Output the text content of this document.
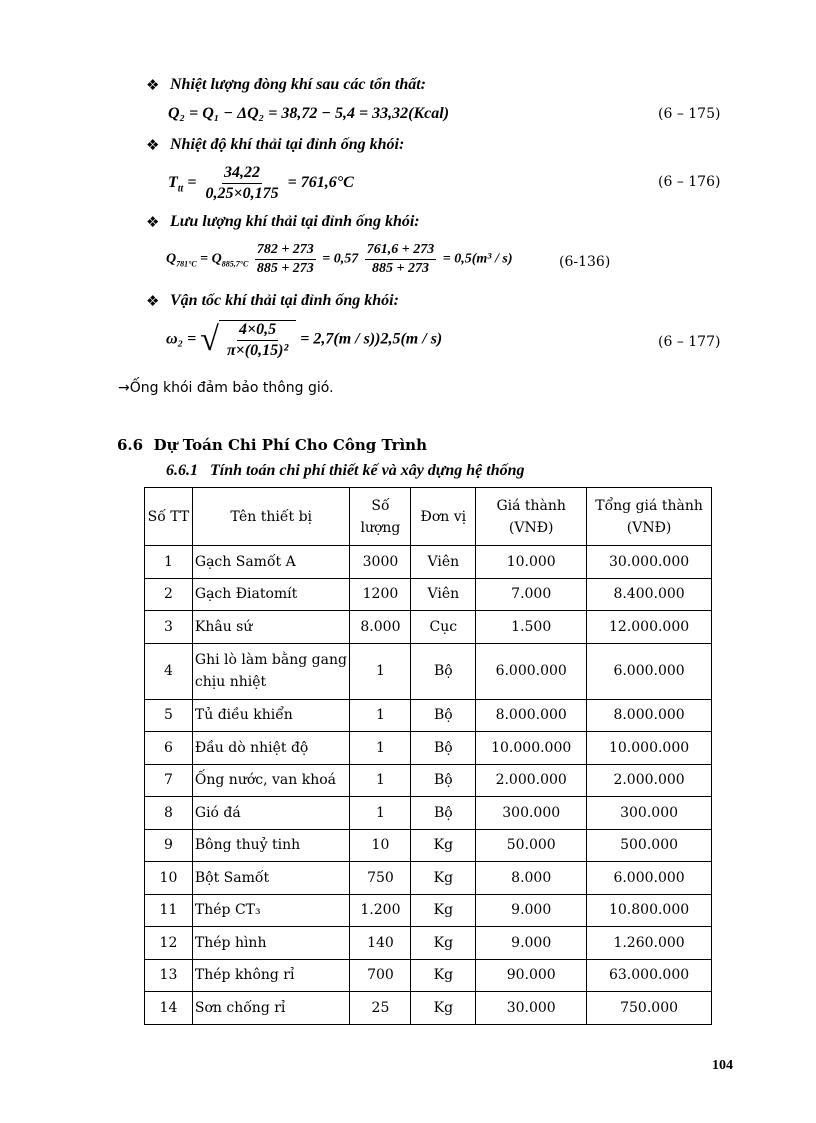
❖ Nhiệt lượng đòng khí sau các tổn thất:
Q₂ = Q₁ − ΔQ₂ = 38,72 − 5,4 = 33,32(Kcal)	(6 – 175)
❖ Nhiệt độ khí thải tại đỉnh ống khói:
$T_{tt} = \frac{34,22}{0,25\times 0,175} = 761,6^\circ C$	(6 – 176)
❖ Lưu lượng khí thải tại đỉnh ống khói:
$Q_{781^\circ C} = Q_{885,7^\circ C} \frac{782 + 273}{885 + 273} = 0,57 \frac{761,6 + 273}{885 + 273} = 0,5(m^3 / s)$	(6-136)
❖ Vận tốc khí thải tại đỉnh ống khói:
ω₂ = √ $\frac{4\times 0,5}{\text{π×(0,15)²}} = 2,7(m / s))2,5(m / s)$	(6 – 177)
→Ống khói đảm bảo thông gió.
6.6 Dự Toán Chi Phí Cho Công Trình
6.6.1 Tính toán chi phí thiết kế và xây dựng hệ thống
Số TT	Tên thiết bị	Số lượng	Đơn vị	Giá thành (VNĐ)	Tổng giá thành (VNĐ)
1	Gạch Samốt A	3000	Viên	10.000	30.000.000
2	Gạch Điatomít	1200	Viên	7.000	8.400.000
3	Khâu sứ	8.000	Cục	1.500	12.000.000
4	Ghi lò làm bằng gang chịu nhiệt	1	Bộ	6.000.000	6.000.000
5	Tủ điều khiển	1	Bộ	8.000.000	8.000.000
6	Đầu dò nhiệt độ	1	Bộ	10.000.000	10.000.000
7	Ống nước, van khoá	1	Bộ	2.000.000	2.000.000
8	Gió đá	1	Bộ	300.000	300.000
9	Bông thuỷ tinh	10	Kg	50.000	500.000
10	Bột Samốt	750	Kg	8.000	6.000.000
11	Thép CT₃	1.200	Kg	9.000	10.800.000
12	Thép hình	140	Kg	9.000	1.260.000
13	Thép không rỉ	700	Kg	90.000	63.000.000
14	Sơn chống rỉ	25	Kg	30.000	750.000
104
